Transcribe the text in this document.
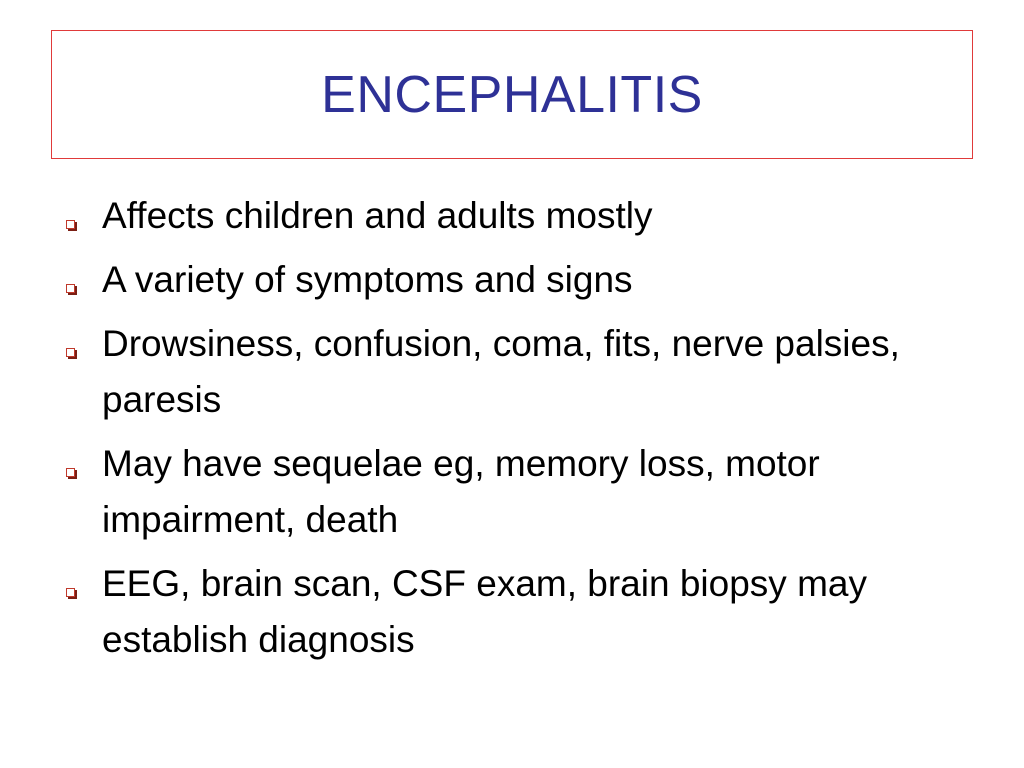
ENCEPHALITIS
Affects children and adults mostly
A variety of symptoms and signs
Drowsiness, confusion, coma, fits, nerve palsies, paresis
May have sequelae eg, memory loss, motor impairment, death
EEG, brain scan, CSF exam, brain biopsy may establish diagnosis
